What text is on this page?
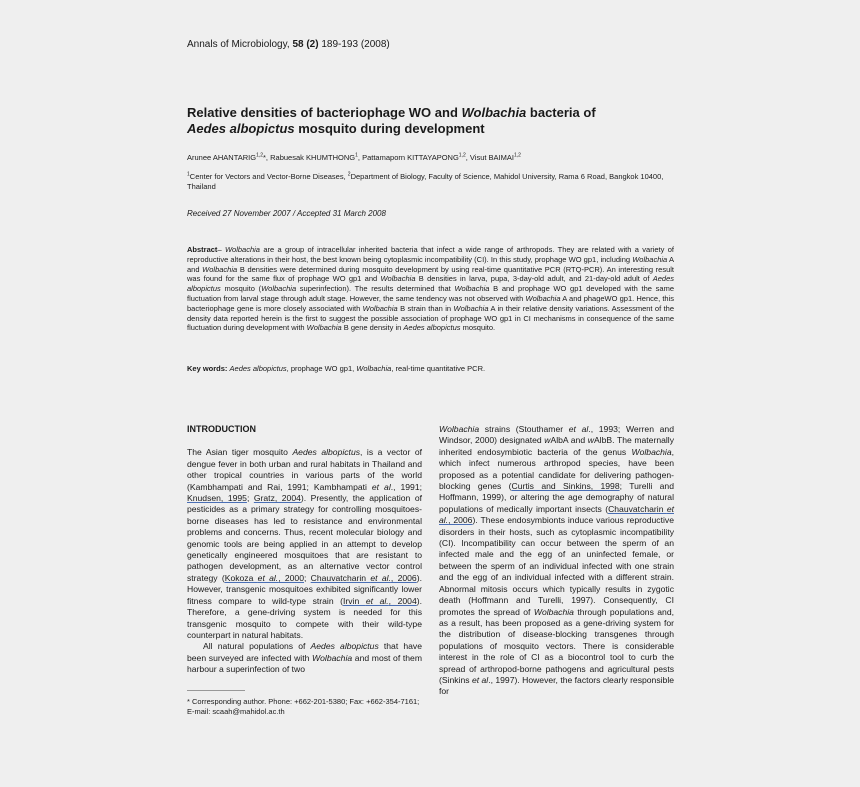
Annals of Microbiology, 58 (2) 189-193 (2008)
Relative densities of bacteriophage WO and Wolbachia bacteria of
Aedes albopictus mosquito during development
Arunee AHANTARIG$^{1,2}$*, Rabuesak KHUMTHONG$^1$, Pattamaporn KITTAYAPONG$^{1,2}$, Visut BAIMAI$^{1,2}$
$^1$Center for Vectors and Vector-Borne Diseases, $^2$Department of Biology, Faculty of Science, Mahidol University, Rama 6 Road, Bangkok 10400, Thailand
Received 27 November 2007 / Accepted 31 March 2008
Abstract– Wolbachia are a group of intracellular inherited bacteria that infect a wide range of arthropods. They are related with a variety of reproductive alterations in their host, the best known being cytoplasmic incompatibility (CI). In this study, prophage WO gp1, including Wolbachia A and Wolbachia B densities were determined during mosquito development by using real-time quantitative PCR (RTQ-PCR). An interesting result was found for the same flux of prophage WO gp1 and Wolbachia B densities in larva, pupa, 3-day-old adult, and 21-day-old adult of Aedes albopictus mosquito (Wolbachia superinfection). The results determined that Wolbachia B and prophage WO gp1 developed with the same fluctuation from larval stage through adult stage. However, the same tendency was not observed with Wolbachia A and phageWO gp1. Hence, this bacteriophage gene is more closely associated with Wolbachia B strain than in Wolbachia A in their relative density variations. Assessment of the density data reported herein is the first to suggest the possible association of prophage WO gp1 in CI mechanisms in consequence of the same fluctuation during development with Wolbachia B gene density in Aedes albopictus mosquito.
Key words: Aedes albopictus, prophage WO gp1, Wolbachia, real-time quantitative PCR.
INTRODUCTION

The Asian tiger mosquito Aedes albopictus, is a vector of dengue fever in both urban and rural habitats in Thailand and other tropical countries in various parts of the world (Kambhampati and Rai, 1991; Kambhampati et al., 1991; Knudsen, 1995; Gratz, 2004). Presently, the application of pesticides as a primary strategy for controlling mosquitoes-borne diseases has led to resistance and environmental problems and concerns. Thus, recent molecular biology and genomic tools are being applied in an attempt to develop genetically engineered mosquitoes that are resistant to pathogen development, as an alternative vector control strategy (Kokoza et al., 2000; Chauvatcharin et al., 2006). However, transgenic mosquitoes exhibited significantly lower fitness compare to wild-type strain (Irvin et al., 2004). Therefore, a gene-driving system is needed for this transgenic mosquito to compete with their wild-type counterpart in natural habitats.

All natural populations of Aedes albopictus that have been surveyed are infected with Wolbachia and most of them harbour a superinfection of two

* Corresponding author. Phone: +662-201-5380; Fax: +662-354-7161; E-mail: scaah@mahidol.ac.th

Wolbachia strains (Stouthamer et al., 1993; Werren and Windsor, 2000) designated wAlbA and wAlbB. The maternally inherited endosymbiotic bacteria of the genus Wolbachia, which infect numerous arthropod species, have been proposed as a potential candidate for delivering pathogen-blocking genes (Curtis and Sinkins, 1998; Turelli and Hoffmann, 1999), or altering the age demography of natural populations of medically important insects (Chauvatcharin et al., 2006). These endosymbionts induce various reproductive disorders in their hosts, such as cytoplasmic incompatibility (CI). Incompatibility can occur between the sperm of an infected male and the egg of an uninfected female, or between the sperm of an individual infected with one strain and the egg of an individual infected with a different strain. Abnormal mitosis occurs which typically results in zygotic death (Hoffmann and Turelli, 1997). Consequently, CI promotes the spread of Wolbachia through populations and, as a result, has been proposed as a gene-driving system for the distribution of disease-blocking transgenes through populations of mosquito vectors. There is considerable interest in the role of CI as a biocontrol tool to curb the spread of arthropod-borne pathogens and agricultural pests (Sinkins et al., 1997). However, the factors clearly responsible for
